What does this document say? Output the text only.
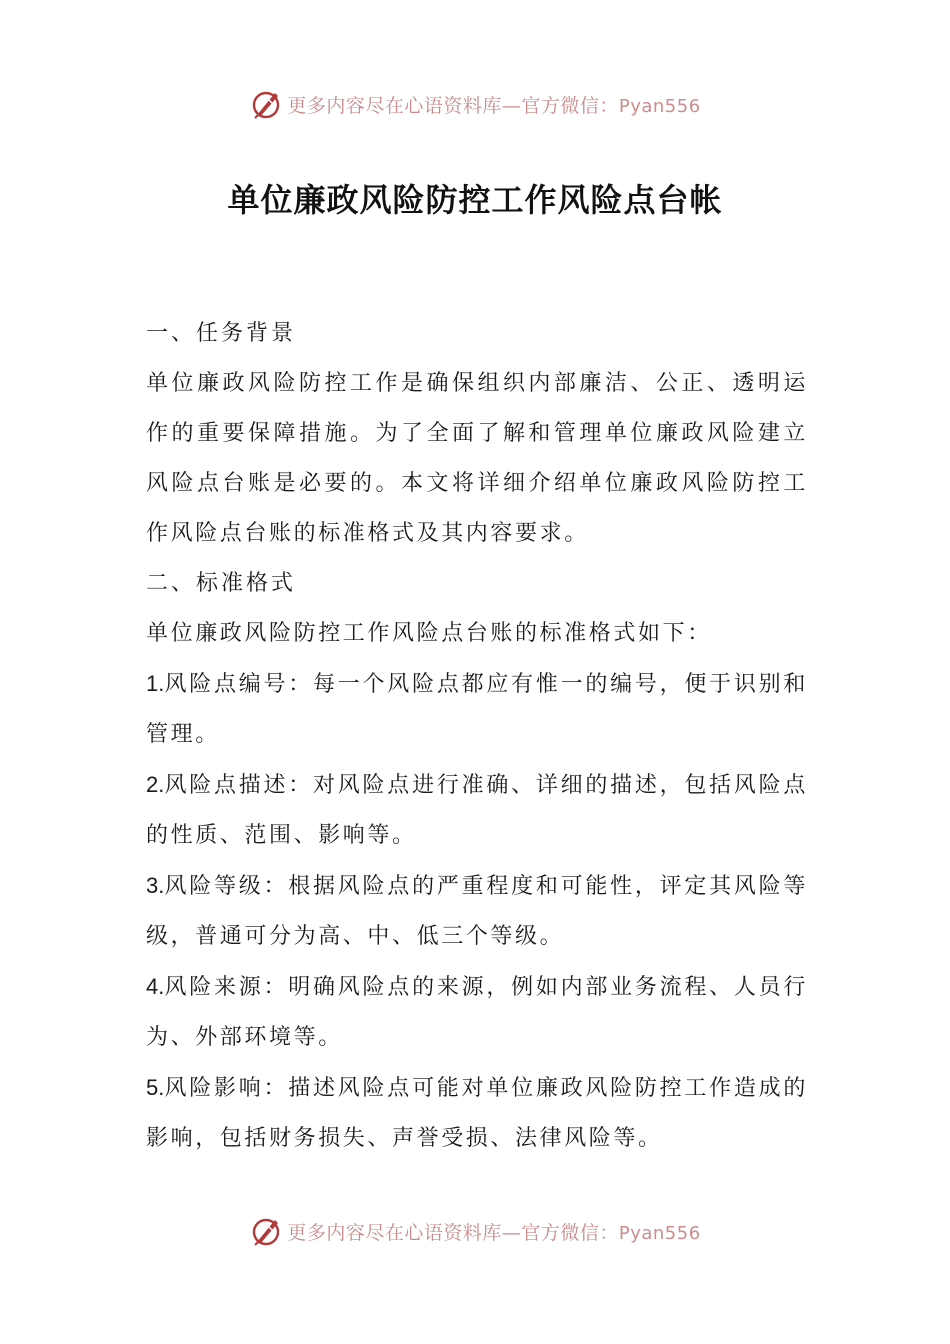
更多内容尽在心语资料库—官方微信：Pyan556
单位廉政风险防控工作风险点台帐

一、任务背景

单位廉政风险防控工作是确保组织内部廉洁、公正、透明运作的重要保障措施。为了全面了解和管理单位廉政风险建立风险点台账是必要的。本文将详细介绍单位廉政风险防控工作风险点台账的标准格式及其内容要求。

二、标准格式

单位廉政风险防控工作风险点台账的标准格式如下：

1.风险点编号：每一个风险点都应有惟一的编号，便于识别和管理。

2.风险点描述：对风险点进行准确、详细的描述，包括风险点的性质、范围、影响等。

3.风险等级：根据风险点的严重程度和可能性，评定其风险等级，普通可分为高、中、低三个等级。

4.风险来源：明确风险点的来源，例如内部业务流程、人员行为、外部环境等。

5.风险影响：描述风险点可能对单位廉政风险防控工作造成的影响，包括财务损失、声誉受损、法律风险等。

更多内容尽在心语资料库—官方微信：Pyan556
